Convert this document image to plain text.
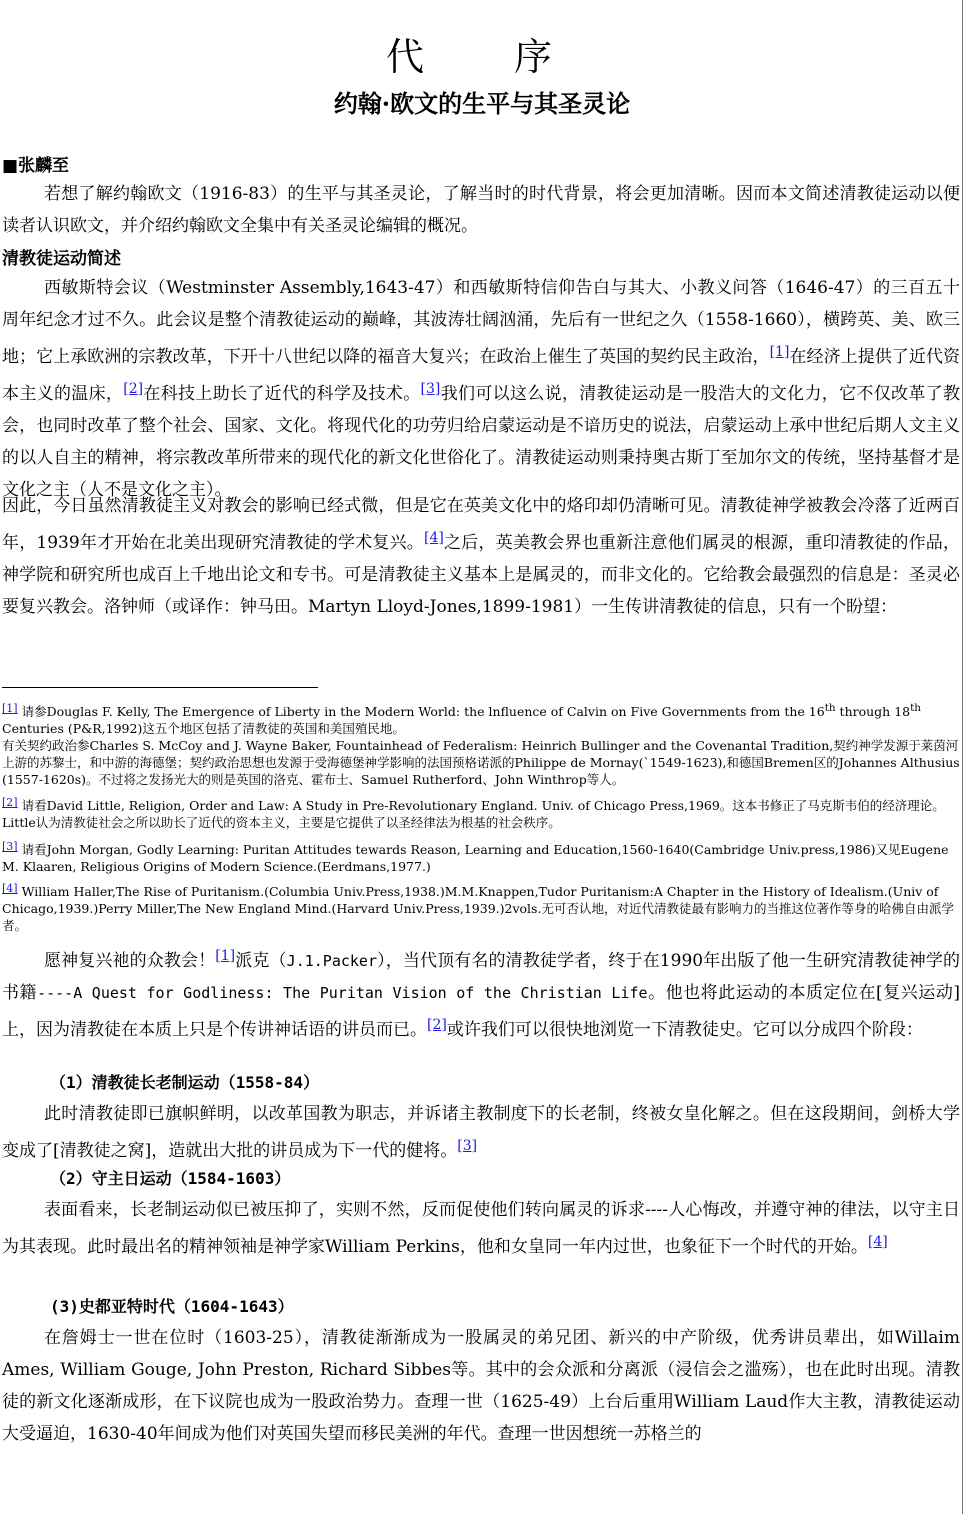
代　序
约翰·欧文的生平与其圣灵论
■张麟至
若想了解约翰欧文（1916-83）的生平与其圣灵论，了解当时的时代背景，将会更加清晰。因而本文简述清教徒运动以便读者认识欧文，并介绍约翰欧文全集中有关圣灵论编辑的概况。
清教徒运动简述
西敏斯特会议（Westminster Assembly,1643-47）和西敏斯特信仰告白与其大、小教义问答（1646-47）的三百五十周年纪念才过不久。此会议是整个清教徒运动的巅峰，其波涛壮阔汹涌，先后有一世纪之久（1558-1660），横跨英、美、欧三地；它上承欧洲的宗教改革，下开十八世纪以降的福音大复兴；在政治上催生了英国的契约民主政治，[1]在经济上提供了近代资本主义的温床，[2]在科技上助长了近代的科学及技术。[3]我们可以这么说，清教徒运动是一股浩大的文化力，它不仅改革了教会，也同时改革了整个社会、国家、文化。将现代化的功劳归给启蒙运动是不谙历史的说法，启蒙运动上承中世纪后期人文主义的以人自主的精神，将宗教改革所带来的现代化的新文化世俗化了。清教徒运动则秉持奥古斯丁至加尔文的传统，坚持基督才是文化之主（人不是文化之主）。
因此，今日虽然清教徒主义对教会的影响已经式微，但是它在英美文化中的烙印却仍清晰可见。清教徒神学被教会冷落了近两百年，1939年才开始在北美出现研究清教徒的学术复兴。[4]之后，英美教会界也重新注意他们属灵的根源，重印清教徒的作品，神学院和研究所也成百上千地出论文和专书。可是清教徒主义基本上是属灵的，而非文化的。它给教会最强烈的信息是：圣灵必要复兴教会。洛钟师（或译作：钟马田。Martyn Lloyd-Jones,1899-1981）一生传讲清教徒的信息，只有一个盼望：
[1] 请参Douglas F. Kelly, The Emergence of Liberty in the Modern World: the lnfluence of Calvin on Five Governments from the 16th through 18th Centuries (P&R,1992)这五个地区包括了清教徒的英国和美国殖民地。
有关契约政治参Charles S. McCoy and J. Wayne Baker, Fountainhead of Federalism: Heinrich Bullinger and the Covenantal Tradition,契约神学发源于莱茵河上游的苏黎士，和中游的海德堡；契约政治思想也发源于受海德堡神学影响的法国预格诺派的Philippe de Mornay(`1549-1623),和德国Bremen区的Johannes Althusius (1557-1620s)。不过将之发扬光大的则是英国的洛克、霍布士、Samuel Rutherford、John Winthrop等人。
[2] 请看David Little, Religion, Order and Law: A Study in Pre-Revolutionary England. Univ. of Chicago Press,1969。这本书修正了马克斯韦伯的经济理论。Little认为清教徒社会之所以助长了近代的资本主义，主要是它提供了以圣经律法为根基的社会秩序。
[3] 请看John Morgan, Godly Learning: Puritan Attitudes tewards Reason, Learning and Education,1560-1640(Cambridge Univ.press,1986)又见Eugene M. Klaaren, Religious Origins of Modern Science.(Eerdmans,1977.)
[4] William Haller,The Rise of Puritanism.(Columbia Univ.Press,1938.)M.M.Knappen,Tudor Puritanism:A Chapter in the History of Idealism.(Univ of Chicago,1939.)Perry Miller,The New England Mind.(Harvard Univ.Press,1939.)2vols.无可否认地，对近代清教徒最有影响力的当推这位著作等身的哈佛自由派学者。
愿神复兴祂的众教会！[1]派克（J.1.Packer），当代顶有名的清教徒学者，终于在1990年出版了他一生研究清教徒神学的书籍----A Quest for Godliness: The Puritan Vision of the Christian Life。他也将此运动的本质定位在[复兴运动]上，因为清教徒在本质上只是个传讲神话语的讲员而已。[2]或许我们可以很快地浏览一下清教徒史。它可以分成四个阶段：
（1）清教徒长老制运动（1558-84）
此时清教徒即已旗帜鲜明，以改革国教为职志，并诉诸主教制度下的长老制，终被女皇化解之。但在这段期间，剑桥大学变成了[清教徒之窝]，造就出大批的讲员成为下一代的健将。[3]
（2）守主日运动（1584-1603）
表面看来，长老制运动似已被压抑了，实则不然，反而促使他们转向属灵的诉求----人心悔改，并遵守神的律法，以守主日为其表现。此时最出名的精神领袖是神学家William Perkins，他和女皇同一年内过世，也象征下一个时代的开始。[4]
(3)史都亚特时代（1604-1643）
在詹姆士一世在位时（1603-25），清教徒渐渐成为一股属灵的弟兄团、新兴的中产阶级，优秀讲员辈出，如Willaim Ames, William Gouge, John Preston, Richard Sibbes等。其中的会众派和分离派（浸信会之滥殇），也在此时出现。清教徒的新文化逐渐成形，在下议院也成为一股政治势力。查理一世（1625-49）上台后重用William Laud作大主教，清教徒运动大受逼迫，1630-40年间成为他们对英国失望而移民美洲的年代。查理一世因想统一苏格兰的
